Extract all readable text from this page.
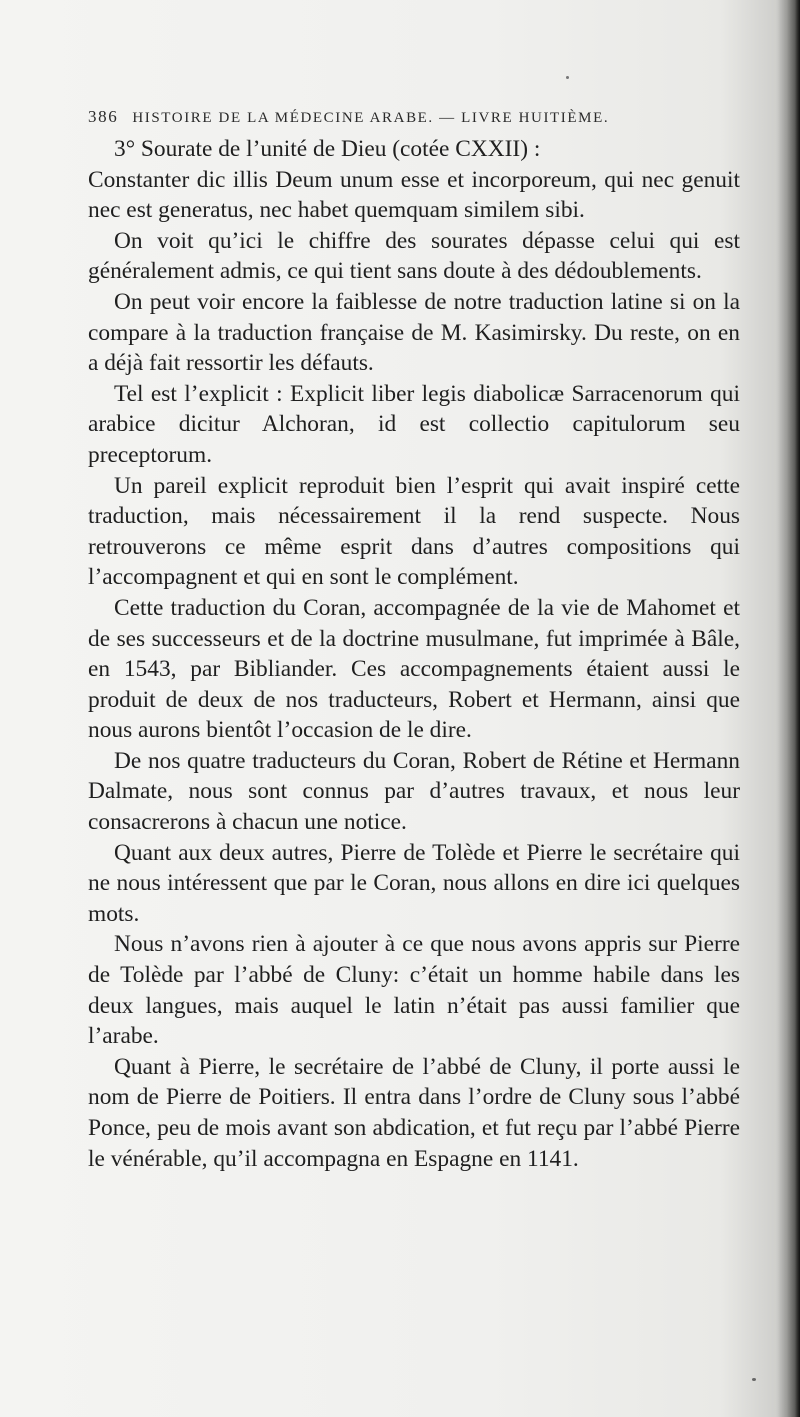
386 HISTOIRE DE LA MÉDECINE ARABE. — LIVRE HUITIÈME.

3° Sourate de l’unité de Dieu (cotée CXXII) :

Constanter dic illis Deum unum esse et incorporeum, qui nec genuit nec est generatus, nec habet quemquam similem sibi.

On voit qu’ici le chiffre des sourates dépasse celui qui est généralement admis, ce qui tient sans doute à des dédoublements.

On peut voir encore la faiblesse de notre traduction latine si on la compare à la traduction française de M. Kasimirsky. Du reste, on en a déjà fait ressortir les défauts.

Tel est l’explicit : Explicit liber legis diabolicæ Sarracenorum qui arabice dicitur Alchoran, id est collectio capitulorum seu preceptorum.

Un pareil explicit reproduit bien l’esprit qui avait inspiré cette traduction, mais nécessairement il la rend suspecte. Nous retrouverons ce même esprit dans d’autres compositions qui l’accompagnent et qui en sont le complément.

Cette traduction du Coran, accompagnée de la vie de Mahomet et de ses successeurs et de la doctrine musulmane, fut imprimée à Bâle, en 1543, par Bibliander. Ces accompagnements étaient aussi le produit de deux de nos traducteurs, Robert et Hermann, ainsi que nous aurons bientôt l’occasion de le dire.

De nos quatre traducteurs du Coran, Robert de Rétine et Hermann Dalmate, nous sont connus par d’autres travaux, et nous leur consacrerons à chacun une notice.

Quant aux deux autres, Pierre de Tolède et Pierre le secrétaire qui ne nous intéressent que par le Coran, nous allons en dire ici quelques mots.

Nous n’avons rien à ajouter à ce que nous avons appris sur Pierre de Tolède par l’abbé de Cluny: c’était un homme habile dans les deux langues, mais auquel le latin n’était pas aussi familier que l’arabe.

Quant à Pierre, le secrétaire de l’abbé de Cluny, il porte aussi le nom de Pierre de Poitiers. Il entra dans l’ordre de Cluny sous l’abbé Ponce, peu de mois avant son abdication, et fut reçu par l’abbé Pierre le vénérable, qu’il accompagna en Espagne en 1141.
